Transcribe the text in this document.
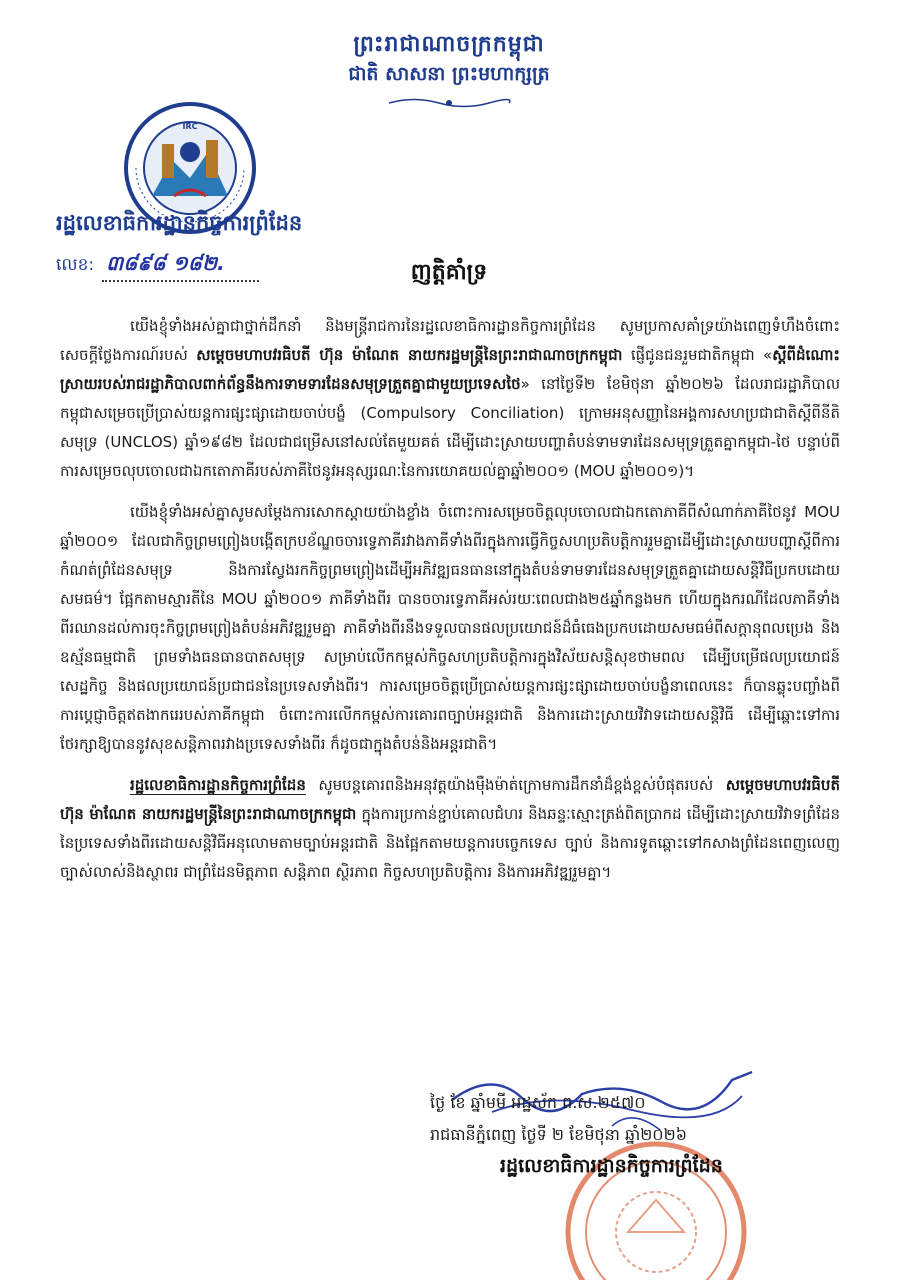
ព្រះរាជាណាចក្រកម្ពុជា
ជាតិ សាសនា ព្រះមហាក្សត្រ
IRC
រដ្ឋលេខាធិការដ្ឋានកិច្ចការព្រំដែន
លេខ: ៣៨៩៨ ១៨២.	ញត្តិគាំទ្រ

យើងខ្ញុំទាំងអស់គ្នាជាថ្នាក់ដឹកនាំ និងមន្ត្រីរាជការនៃរដ្ឋលេខាធិការដ្ឋានកិច្ចការព្រំដែន សូមប្រកាសគាំទ្រយ៉ាងពេញទំហឹងចំពោះសេចក្តីថ្លែងការណ៍របស់ សម្តេចមហាបវរធិបតី ហ៊ុន ម៉ាណែត នាយករដ្ឋមន្ត្រីនៃព្រះរាជាណាចក្រកម្ពុជា ផ្ញើជូនជនរួមជាតិកម្ពុជា «ស្តីពីដំណោះស្រាយរបស់រាជរដ្ឋាភិបាលពាក់ព័ន្ធនឹងការទាមទារដែនសមុទ្រត្រួតគ្នាជាមួយប្រទេសថៃ» នៅថ្ងៃទី២ ខែមិថុនា ឆ្នាំ២០២៦ ដែលរាជរដ្ឋាភិបាលកម្ពុជាសម្រេចប្រើប្រាស់យន្តការផ្សះផ្សាដោយចាប់បង្ខំ (Compulsory Conciliation) ក្រោមអនុសញ្ញានៃអង្គការសហប្រជាជាតិស្តីពីនីតិសមុទ្រ (UNCLOS) ឆ្នាំ១៩៨២ ដែលជាជម្រើសនៅសល់តែមួយគត់ ដើម្បីដោះស្រាយបញ្ហាតំបន់ទាមទារដែនសមុទ្រត្រួតគ្នាកម្ពុជា-ថៃ បន្ទាប់ពីការសម្រេចលុបចោលជាឯកតោភាគីរបស់ភាគីថៃនូវអនុស្សរណៈនៃការយោគយល់គ្នាឆ្នាំ២០០១ (MOU ឆ្នាំ២០០១)។

យើងខ្ញុំទាំងអស់គ្នាសូមសម្តែងការសោកស្តាយយ៉ាងខ្លាំង ចំពោះការសម្រេចចិត្តលុបចោលជាឯកតោភាគីពីសំណាក់ភាគីថៃនូវ MOU ឆ្នាំ២០០១ ដែលជាកិច្ចព្រមព្រៀងបង្កើតក្របខ័ណ្ឌចចារទ្វេភាគីរវាងភាគីទាំងពីរក្នុងការធ្វើកិច្ចសហប្រតិបត្តិការរួមគ្នាដើម្បីដោះស្រាយបញ្ហាស្តីពីការកំណត់ព្រំដែនសមុទ្រ និងការស្វែងរកកិច្ចព្រមព្រៀងដើម្បីអភិវឌ្ឍធនធាននៅក្នុងតំបន់ទាមទារដែនសមុទ្រត្រួតគ្នាដោយសន្តិវិធីប្រកបដោយសមធម៌។ ផ្អែកតាមស្មារតីនៃ MOU ឆ្នាំ២០០១ ភាគីទាំងពីរ បានចចារទ្វេភាគីអស់រយៈពេលជាង២៥ឆ្នាំកន្លងមក ហើយក្នុងករណីដែលភាគីទាំងពីរឈានដល់ការចុះកិច្ចព្រមព្រៀងតំបន់អភិវឌ្ឍរួមគ្នា ភាគីទាំងពីរនឹងទទួលបានផលប្រយោជន៍ដ៏ធំធេងប្រកបដោយសមធម៌ពីសក្តានុពលប្រេង និងឧស្ម័នធម្មជាតិ ព្រមទាំងធនធានបាតសមុទ្រ សម្រាប់លើកកម្ពស់កិច្ចសហប្រតិបត្តិការក្នុងវិស័យសន្តិសុខថាមពល ដើម្បីបម្រើផលប្រយោជន៍សេដ្ឋកិច្ច និងផលប្រយោជន៍ប្រជាជននៃប្រទេសទាំងពីរ។ ការសម្រេចចិត្តប្រើប្រាស់យន្តការផ្សះផ្សាដោយចាប់បង្ខំនាពេលនេះ ក៏បានឆ្លុះបញ្ចាំងពីការប្តេជ្ញាចិត្តឥតងាករេរបស់ភាគីកម្ពុជា ចំពោះការលើកកម្ពស់ការគោរពច្បាប់អន្តរជាតិ និងការដោះស្រាយវិវាទដោយសន្តិវិធី ដើម្បីឆ្ពោះទៅការថែរក្សាឱ្យបាននូវសុខសន្តិភាពរវាងប្រទេសទាំងពីរ ក៏ដូចជាក្នុងតំបន់និងអន្តរជាតិ។

រដ្ឋលេខាធិការដ្ឋានកិច្ចការព្រំដែន សូមបន្តគោរពនិងអនុវត្តយ៉ាងម៉ឺងម៉ាត់ក្រោមការដឹកនាំដ៏ខ្ពង់ខ្ពស់បំផុតរបស់ សម្តេចមហាបវរធិបតី ហ៊ុន ម៉ាណែត នាយករដ្ឋមន្ត្រីនៃព្រះរាជាណាចក្រកម្ពុជា ក្នុងការប្រកាន់ខ្ជាប់គោលជំហរ និងឆន្ទៈស្មោះត្រង់ពិតប្រាកដ ដើម្បីដោះស្រាយវិវាទព្រំដែននៃប្រទេសទាំងពីរដោយសន្តិវិធីអនុលោមតាមច្បាប់អន្តរជាតិ និងផ្អែកតាមយន្តការបច្ចេកទេស ច្បាប់ និងការទូតឆ្ពោះទៅកសាងព្រំដែនពេញលេញ ច្បាស់លាស់និងស្ថាពរ ជាព្រំដែនមិត្តភាព សន្តិភាព ស្ថិរភាព កិច្ចសហប្រតិបត្តិការ និងការអភិវឌ្ឍរួមគ្នា។

ថ្ងៃ ខែ ឆ្នាំមមី អដ្ឋស័ក ព.ស.២៥៧០
រាជធានីភ្នំពេញ ថ្ងៃទី ២ ខែមិថុនា ឆ្នាំ២០២៦
រដ្ឋលេខាធិការដ្ឋានកិច្ចការព្រំដែន
